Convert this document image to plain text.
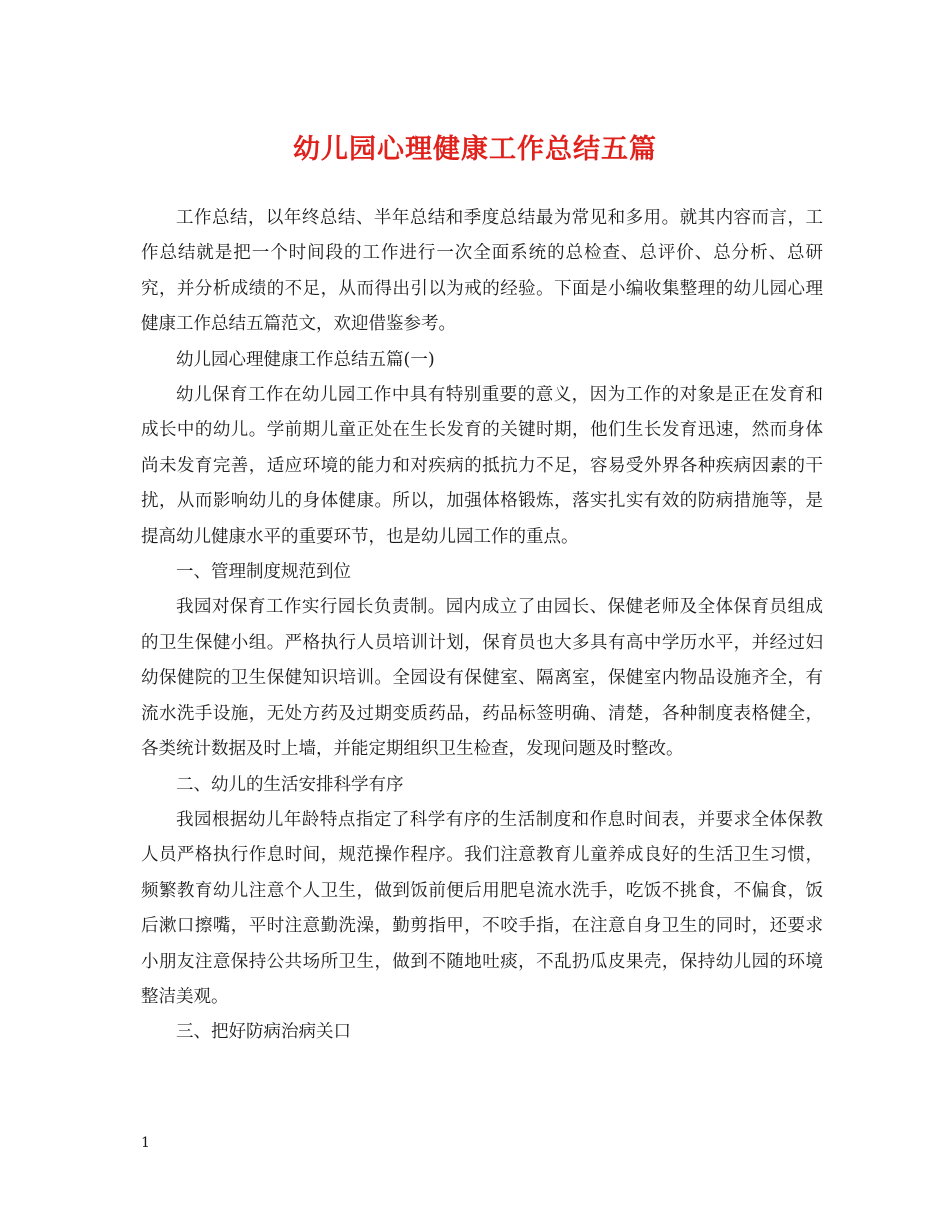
幼儿园心理健康工作总结五篇

工作总结，以年终总结、半年总结和季度总结最为常见和多用。就其内容而言，工作总结就是把一个时间段的工作进行一次全面系统的总检查、总评价、总分析、总研究，并分析成绩的不足，从而得出引以为戒的经验。下面是小编收集整理的幼儿园心理健康工作总结五篇范文，欢迎借鉴参考。

幼儿园心理健康工作总结五篇(一)

幼儿保育工作在幼儿园工作中具有特别重要的意义，因为工作的对象是正在发育和成长中的幼儿。学前期儿童正处在生长发育的关键时期，他们生长发育迅速，然而身体尚未发育完善，适应环境的能力和对疾病的抵抗力不足，容易受外界各种疾病因素的干扰，从而影响幼儿的身体健康。所以，加强体格锻炼，落实扎实有效的防病措施等，是提高幼儿健康水平的重要环节，也是幼儿园工作的重点。

一、管理制度规范到位

我园对保育工作实行园长负责制。园内成立了由园长、保健老师及全体保育员组成的卫生保健小组。严格执行人员培训计划，保育员也大多具有高中学历水平，并经过妇幼保健院的卫生保健知识培训。全园设有保健室、隔离室，保健室内物品设施齐全，有流水洗手设施，无处方药及过期变质药品，药品标签明确、清楚，各种制度表格健全，各类统计数据及时上墙，并能定期组织卫生检查，发现问题及时整改。

二、幼儿的生活安排科学有序

我园根据幼儿年龄特点指定了科学有序的生活制度和作息时间表，并要求全体保教人员严格执行作息时间，规范操作程序。我们注意教育儿童养成良好的生活卫生习惯，频繁教育幼儿注意个人卫生，做到饭前便后用肥皂流水洗手，吃饭不挑食，不偏食，饭后漱口擦嘴，平时注意勤洗澡，勤剪指甲，不咬手指，在注意自身卫生的同时，还要求小朋友注意保持公共场所卫生，做到不随地吐痰，不乱扔瓜皮果壳，保持幼儿园的环境整洁美观。

三、把好防病治病关口

1
